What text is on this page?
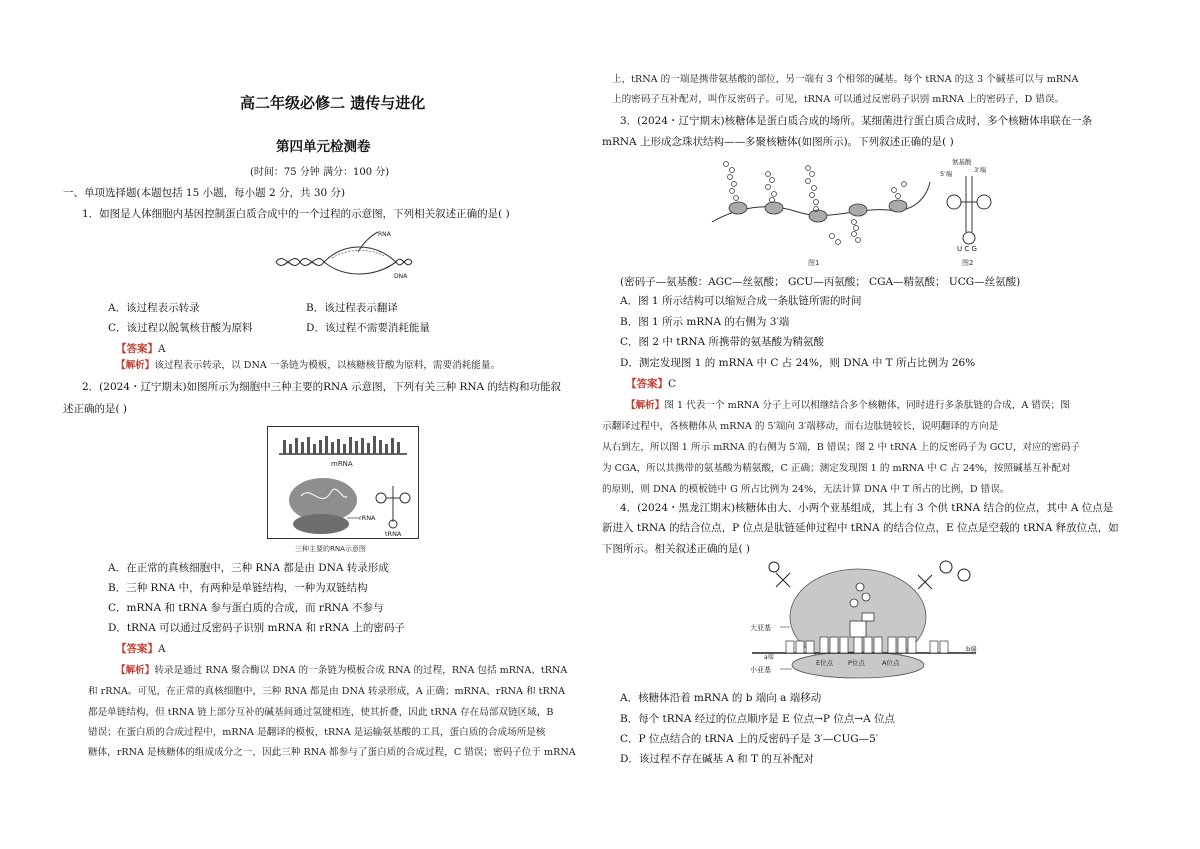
高二年级必修二 遗传与进化

第四单元检测卷

(时间：75 分钟 满分：100 分)

一、单项选择题(本题包括 15 小题，每小题 2 分，共 30 分)

1．如图是人体细胞内基因控制蛋白质合成中的一个过程的示意图，下列相关叙述正确的是( )

RNA
DNA

A．该过程表示转录	B．该过程表示翻译

C．该过程以脱氧核苷酸为原料	D．该过程不需要消耗能量

【答案】A

【解析】该过程表示转录，以 DNA 一条链为模板，以核糖核苷酸为原料，需要消耗能量。

2．(2024・辽宁期末)如图所示为细胞中三种主要的RNA 示意图，下列有关三种 RNA 的结构和功能叙

述正确的是( )

mRNA
rRNA
tRNA
三种主要的RNA示意图

A．在正常的真核细胞中，三种 RNA 都是由 DNA 转录形成

B．三种 RNA 中，有两种是单链结构，一种为双链结构

C．mRNA 和 tRNA 参与蛋白质的合成，而 rRNA 不参与

D．tRNA 可以通过反密码子识别 mRNA 和 rRNA 上的密码子

【答案】A

【解析】转录是通过 RNA 聚合酶以 DNA 的一条链为模板合成 RNA 的过程，RNA 包括 mRNA、tRNA

和 rRNA。可见，在正常的真核细胞中，三种 RNA 都是由 DNA 转录形成，A 正确；mRNA、rRNA 和 tRNA

都是单链结构，但 tRNA 链上部分互补的碱基间通过氢键相连，使其折叠，因此 tRNA 存在局部双链区域，B

错误；在蛋白质的合成过程中，mRNA 是翻译的模板，tRNA 是运输氨基酸的工具，蛋白质的合成场所是核

糖体，rRNA 是核糖体的组成成分之一，因此三种 RNA 都参与了蛋白质的合成过程，C 错误；密码子位于 mRNA

上，tRNA 的一端是携带氨基酸的部位，另一端有 3 个相邻的碱基。每个 tRNA 的这 3 个碱基可以与 mRNA

上的密码子互补配对，叫作反密码子。可见，tRNA 可以通过反密码子识别 mRNA 上的密码子，D 错误。

3．(2024・辽宁期末)核糖体是蛋白质合成的场所。某细菌进行蛋白质合成时，多个核糖体串联在一条

mRNA 上形成念珠状结构——多聚核糖体(如图所示)。下列叙述正确的是( )

图1
氨基酸
5′端	3′端
U C G
图2

(密码子—氨基酸：AGC—丝氨酸； GCU—丙氨酸； CGA—精氨酸； UCG—丝氨酸)

A．图 1 所示结构可以缩短合成一条肽链所需的时间

B．图 1 所示 mRNA 的右侧为 3′端

C．图 2 中 tRNA 所携带的氨基酸为精氨酸

D．测定发现图 1 的 mRNA 中 C 占 24%，则 DNA 中 T 所占比例为 26%

【答案】C

【解析】图 1 代表一个 mRNA 分子上可以相继结合多个核糖体，同时进行多条肽链的合成，A 错误；图

示翻译过程中，各核糖体从 mRNA 的 5′端向 3′端移动，而右边肽链较长，说明翻译的方向是

从右到左，所以图 1 所示 mRNA 的右侧为 5′端，B 错误；图 2 中 tRNA 上的反密码子为 GCU，对应的密码子

为 CGA，所以其携带的氨基酸为精氨酸，C 正确；测定发现图 1 的 mRNA 中 C 占 24%，按照碱基互补配对

的原则，则 DNA 的模板链中 G 所占比例为 24%，无法计算 DNA 中 T 所占的比例，D 错误。

4．(2024・黑龙江期末)核糖体由大、小两个亚基组成，其上有 3 个供 tRNA 结合的位点，其中 A 位点是

新进入 tRNA 的结合位点，P 位点是肽链延伸过程中 tRNA 的结合位点，E 位点是空载的 tRNA 释放位点，如

下图所示。相关叙述正确的是( )

大亚基
小亚基
a端
b端
E位点 P位点	A位点

A．核糖体沿着 mRNA 的 b 端向 a 端移动

B．每个 tRNA 经过的位点顺序是 E 位点→P 位点→A 位点

C．P 位点结合的 tRNA 上的反密码子是 3′—CUG—5′

D．该过程不存在碱基 A 和 T 的互补配对
